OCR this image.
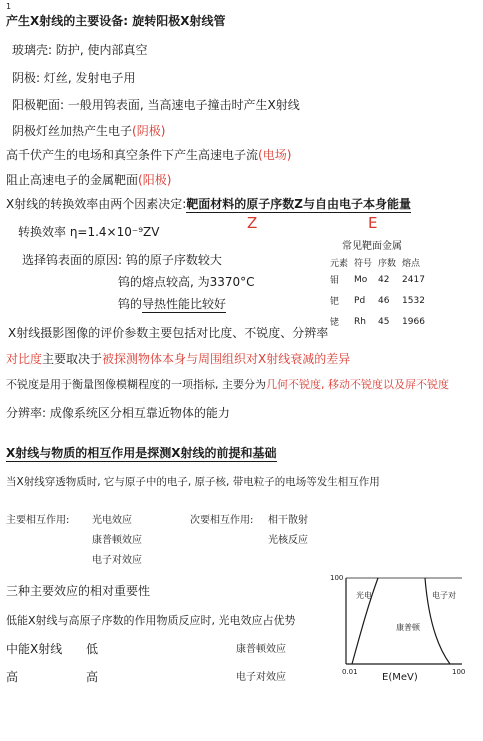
1
产生X射线的主要设备: 旋转阳极X射线管
玻璃壳: 防护, 使内部真空
阴极: 灯丝, 发射电子用
阳极靶面: 一般用钨表面, 当高速电子撞击时产生X射线
阴极灯丝加热产生电子(阴极)
高千伏产生的电场和真空条件下产生高速电子流(电场)
阻止高速电子的金属靶面(阳极)
X射线的转换效率由两个因素决定:靶面材料的原子序数Z与自由电子本身能量
Z	E
转换效率 η=1.4×10⁻⁹ZV
选择钨表面的原因: 钨的原子序数较大
钨的熔点较高, 为3370°C
钨的导热性能比较好
常见靶面金属
元素	符号	序数	熔点
钼	Mo	42	2417
钯	Pd	46	1532
铑	Rh	45	1966
X射线摄影图像的评价参数主要包括对比度、不锐度、分辨率
对比度主要取决于被探测物体本身与周围组织对X射线衰减的差异
不锐度是用于衡量图像模糊程度的一项指标, 主要分为几何不锐度, 移动不锐度以及屏不锐度
分辨率: 成像系统区分相互靠近物体的能力
X射线与物质的相互作用是探测X射线的前提和基础
当X射线穿透物质时, 它与原子中的电子, 原子核, 带电粒子的电场等发生相互作用
主要相互作用: 光电效应
康普顿效应
电子对效应
次要相互作用: 相干散射
光核反应
三种主要效应的相对重要性
低能X射线与高原子序数的作用物质反应时, 光电效应占优势
中能X射线 低	康普顿效应
高	高	电子对效应
100
0.01	100
E(MeV)
光电
康普顿
电子对
